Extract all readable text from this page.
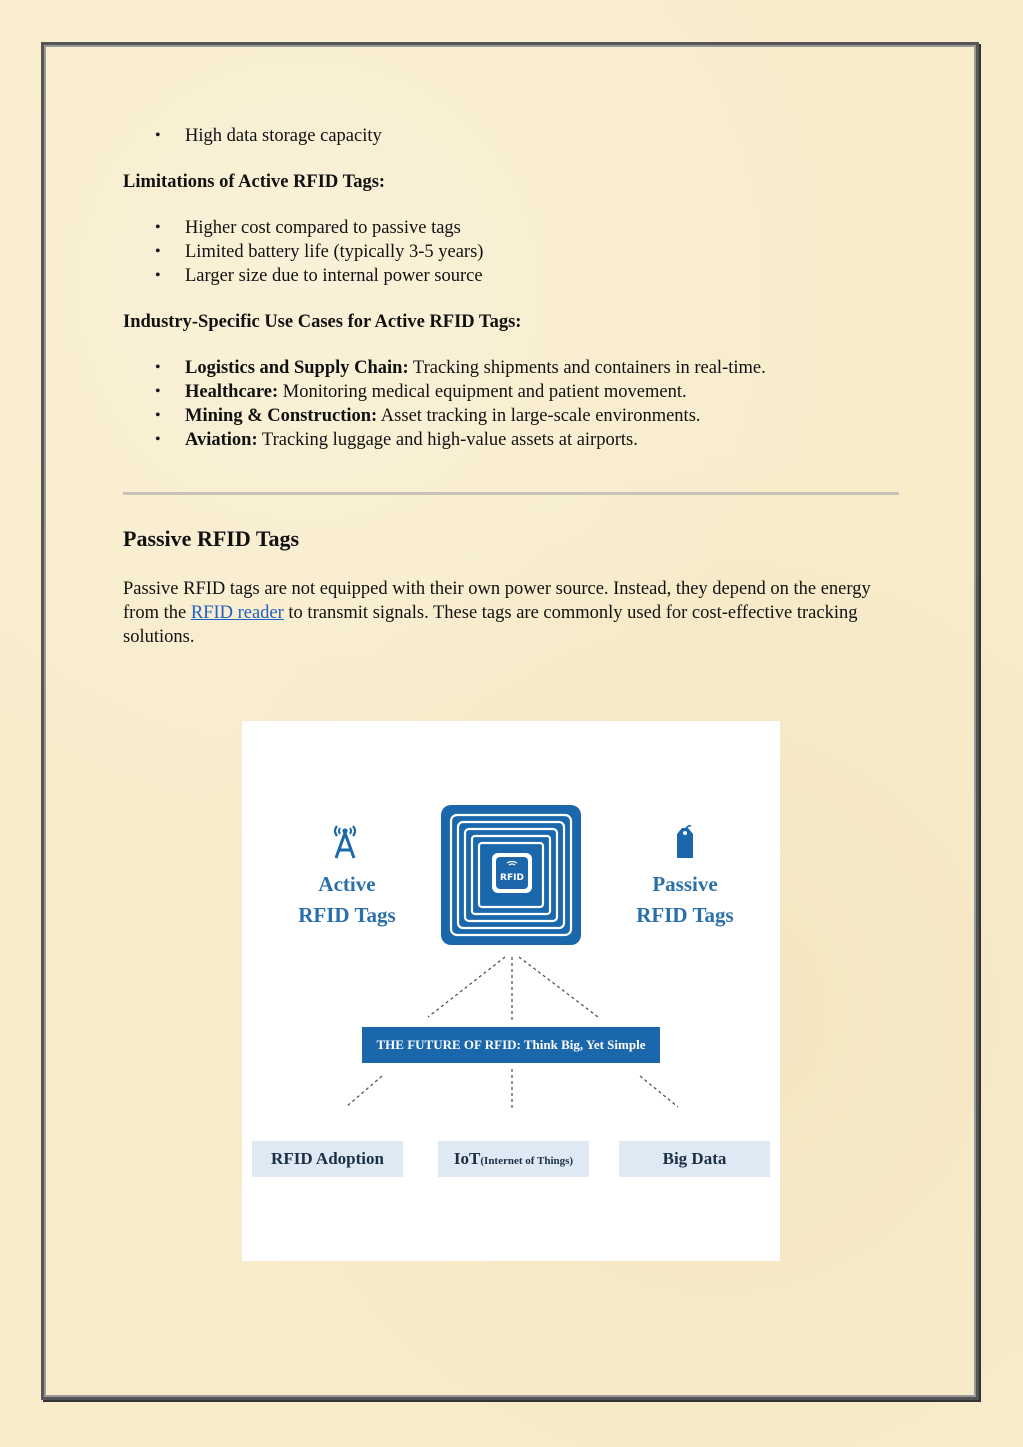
• High data storage capacity

Limitations of Active RFID Tags:

• Higher cost compared to passive tags
• Limited battery life (typically 3-5 years)
• Larger size due to internal power source

Industry-Specific Use Cases for Active RFID Tags:

• Logistics and Supply Chain: Tracking shipments and containers in real-time.
• Healthcare: Monitoring medical equipment and patient movement.
• Mining & Construction: Asset tracking in large-scale environments.
• Aviation: Tracking luggage and high-value assets at airports.
Passive RFID Tags

Passive RFID tags are not equipped with their own power source. Instead, they depend on the energy from the RFID reader to transmit signals. These tags are commonly used for cost-effective tracking solutions.

Active
RFID Tags
Passive
RFID Tags
RFID
THE FUTURE OF RFID: Think Big, Yet Simple
RFID Adoption	IoT(Internet of Things)	Big Data
